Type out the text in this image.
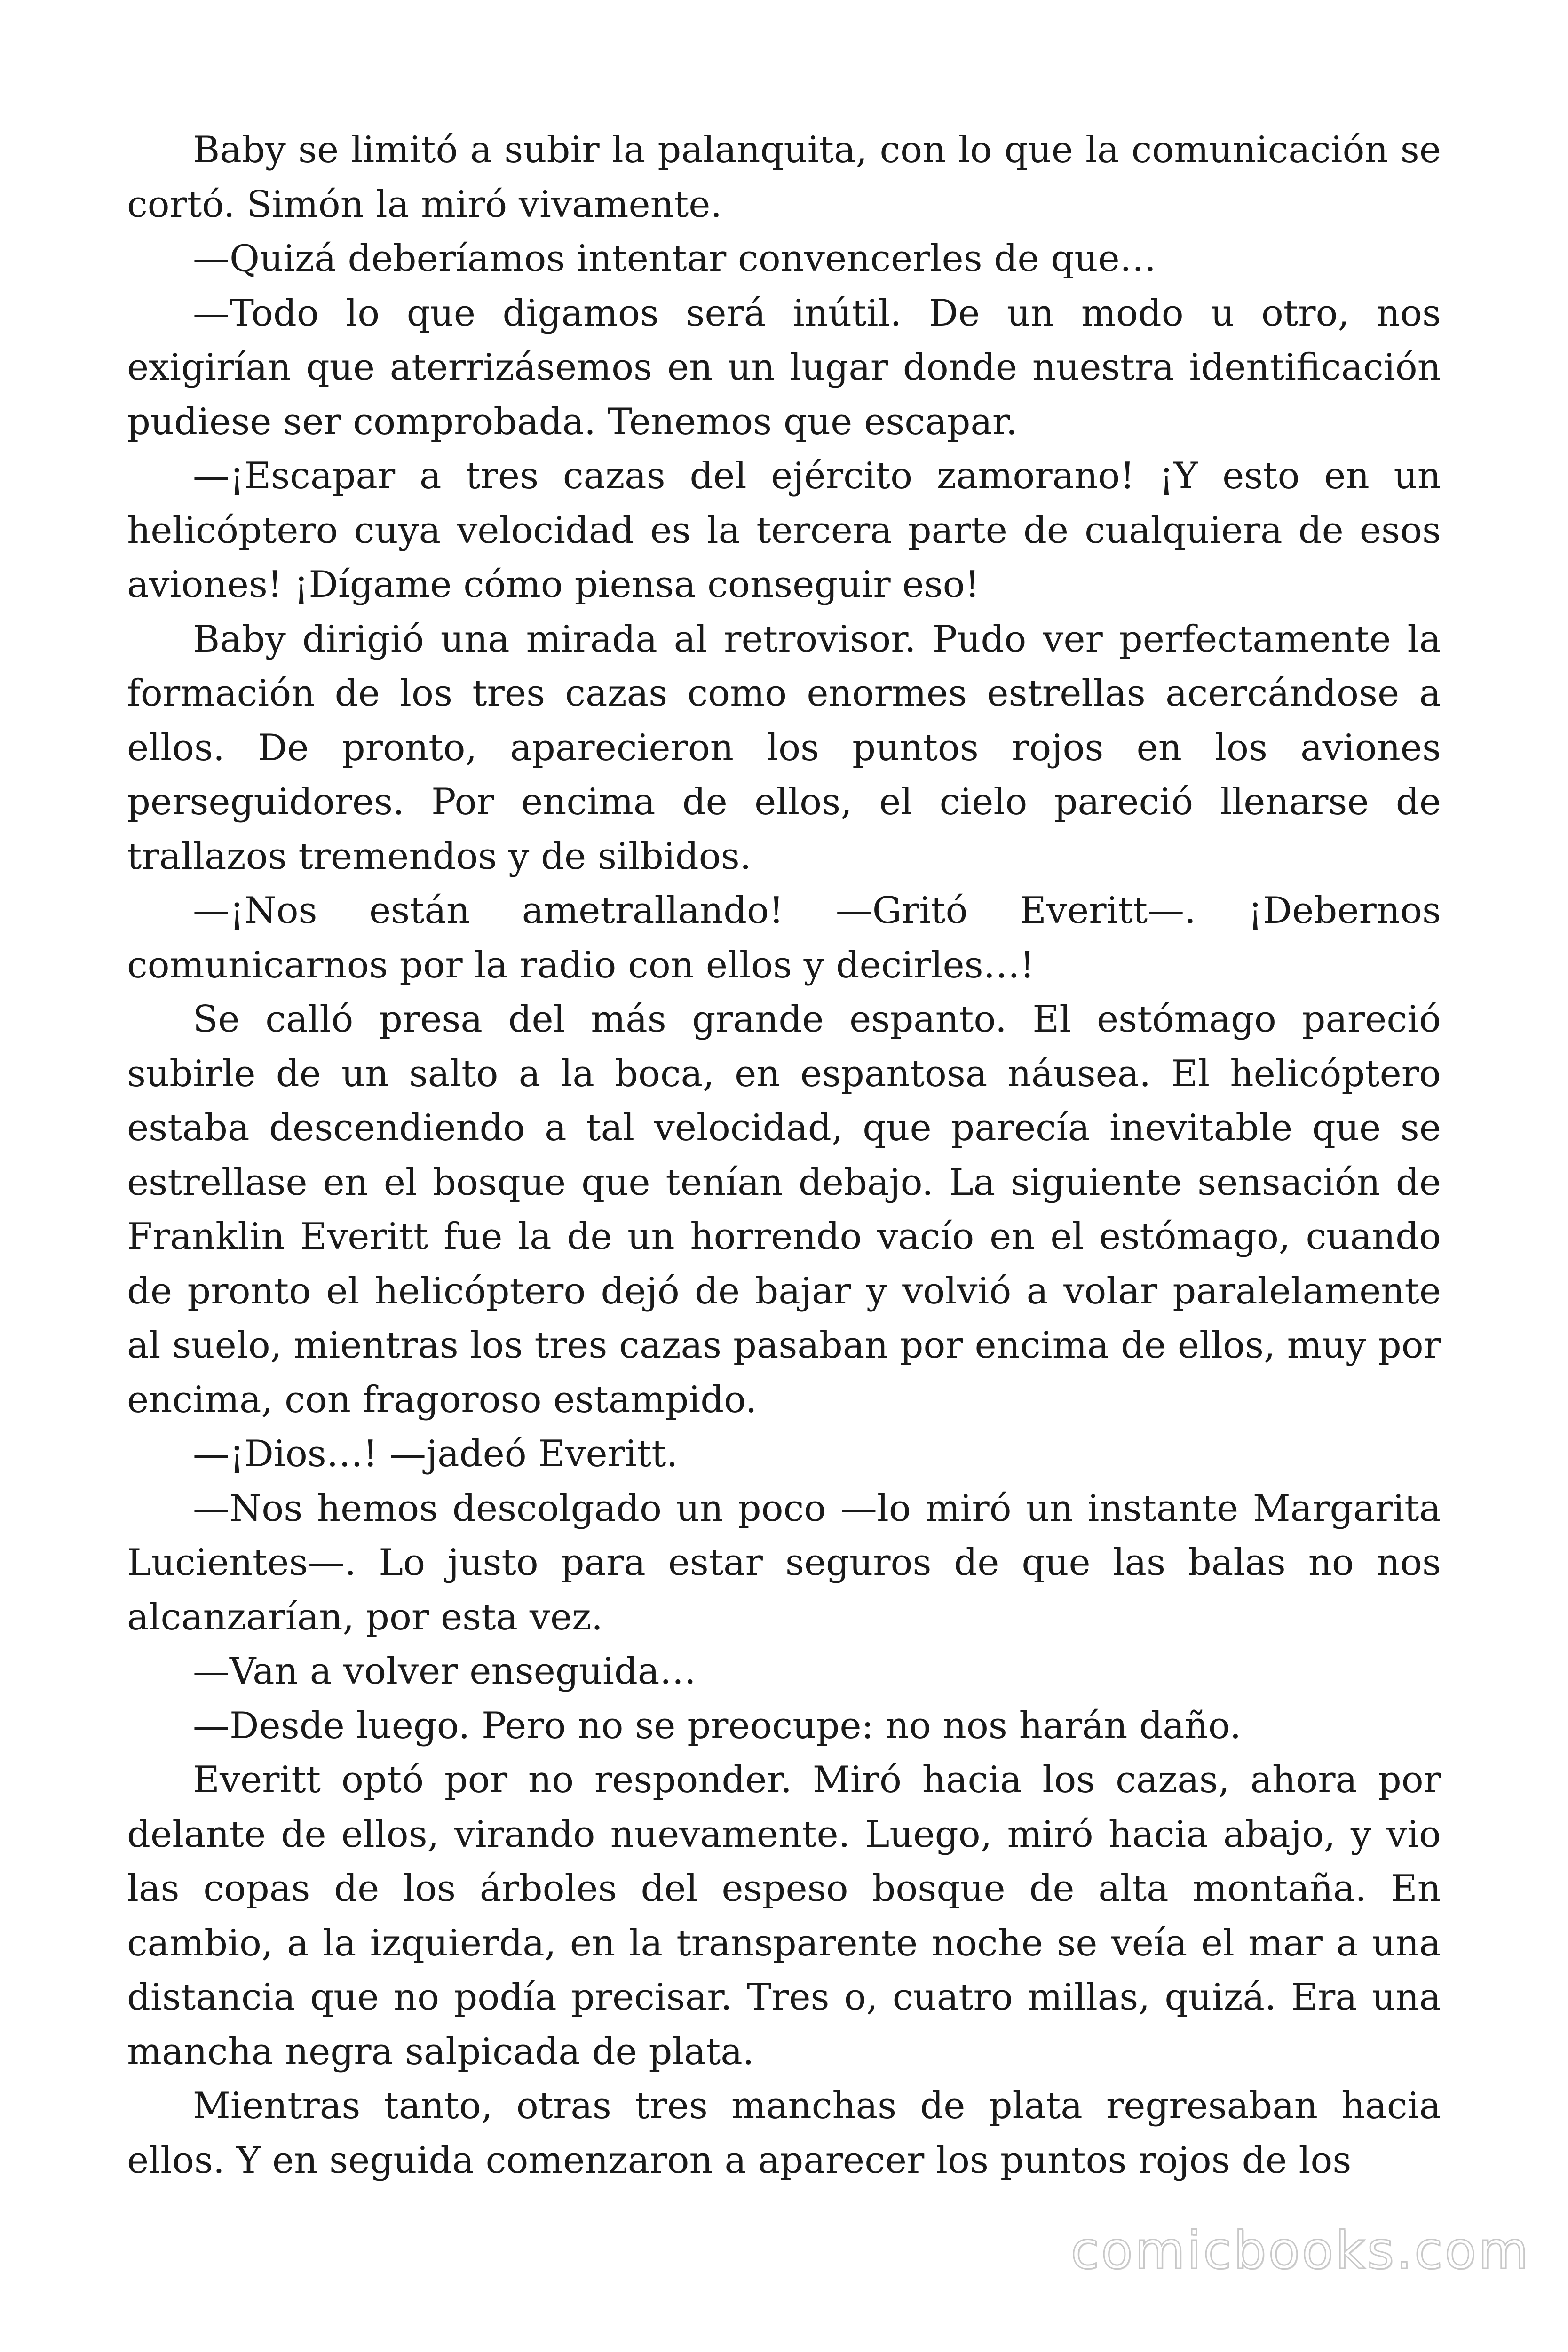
Baby se limitó a subir la palanquita, con lo que la comunicación se cortó. Simón la miró vivamente.

—Quizá deberíamos intentar convencerles de que…

—Todo lo que digamos será inútil. De un modo u otro, nos exigirían que aterrizásemos en un lugar donde nuestra identificación pudiese ser comprobada. Tenemos que escapar.

—¡Escapar a tres cazas del ejército zamorano! ¡Y esto en un helicóptero cuya velocidad es la tercera parte de cualquiera de esos aviones! ¡Dígame cómo piensa conseguir eso!

Baby dirigió una mirada al retrovisor. Pudo ver perfectamente la formación de los tres cazas como enormes estrellas acercándose a ellos. De pronto, aparecieron los puntos rojos en los aviones perseguidores. Por encima de ellos, el cielo pareció llenarse de trallazos tremendos y de silbidos.

—¡Nos están ametrallando! —Gritó Everitt—. ¡Debernos comunicarnos por la radio con ellos y decirles…!

Se calló presa del más grande espanto. El estómago pareció subirle de un salto a la boca, en espantosa náusea. El helicóptero estaba descendiendo a tal velocidad, que parecía inevitable que se estrellase en el bosque que tenían debajo. La siguiente sensación de Franklin Everitt fue la de un horrendo vacío en el estómago, cuando de pronto el helicóptero dejó de bajar y volvió a volar paralelamente al suelo, mientras los tres cazas pasaban por encima de ellos, muy por encima, con fragoroso estampido.

—¡Dios…! —jadeó Everitt.

—Nos hemos descolgado un poco —lo miró un instante Margarita Lucientes—. Lo justo para estar seguros de que las balas no nos alcanzarían, por esta vez.

—Van a volver enseguida…

—Desde luego. Pero no se preocupe: no nos harán daño.

Everitt optó por no responder. Miró hacia los cazas, ahora por delante de ellos, virando nuevamente. Luego, miró hacia abajo, y vio las copas de los árboles del espeso bosque de alta montaña. En cambio, a la izquierda, en la transparente noche se veía el mar a una distancia que no podía precisar. Tres o, cuatro millas, quizá. Era una mancha negra salpicada de plata.

Mientras tanto, otras tres manchas de plata regresaban hacia ellos. Y en seguida comenzaron a aparecer los puntos rojos de los

comicbooks.com
